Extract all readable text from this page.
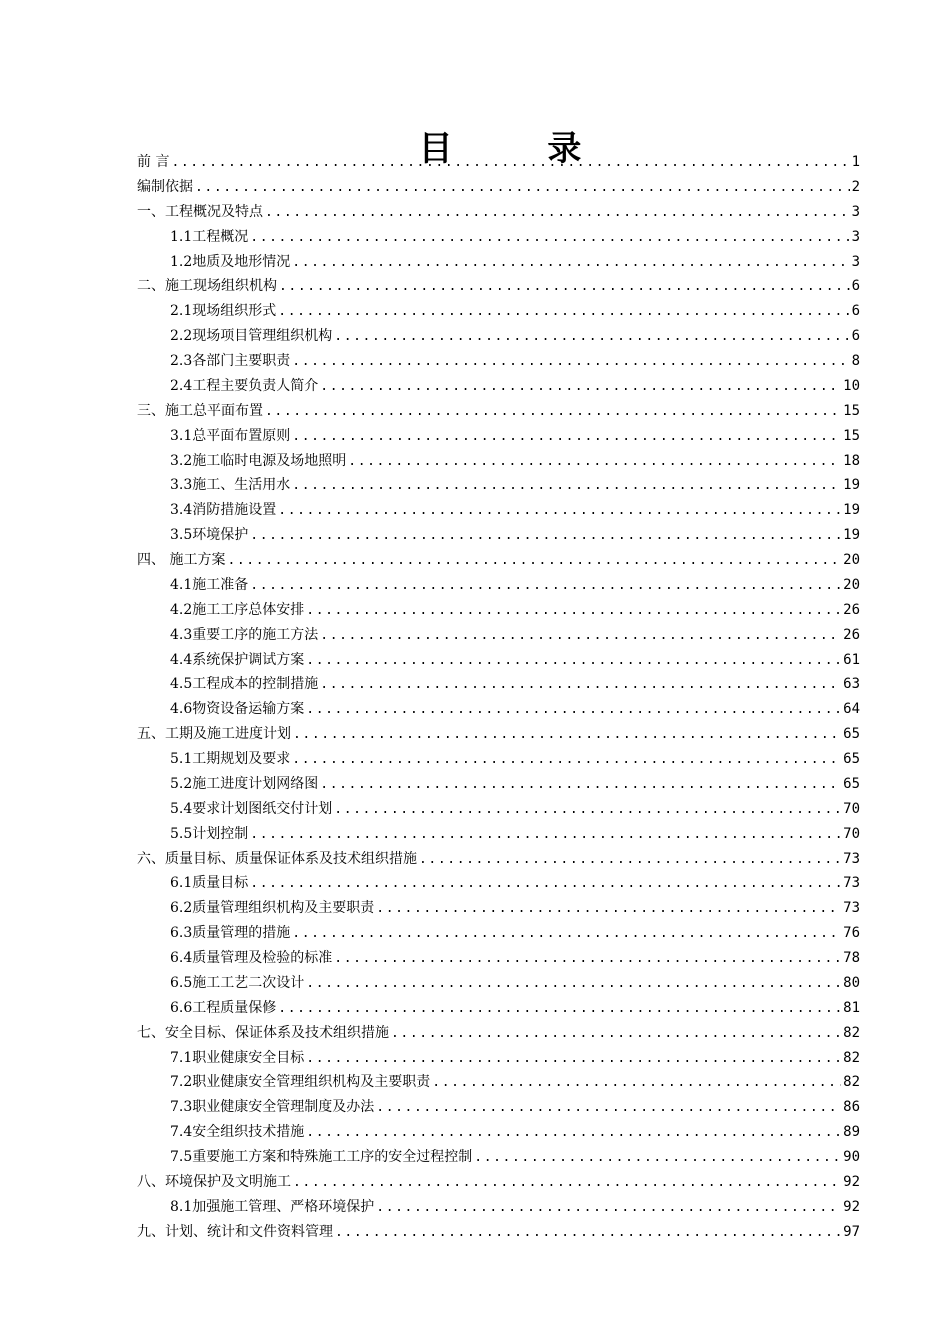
目        录
前 言 .....	1
编制依据 .....	2
一、工程概况及特点 .....	3
1.1工程概况 .....	3
1.2地质及地形情况 .....	3
二、施工现场组织机构 .....	6
2.1现场组织形式 .....	6
2.2现场项目管理组织机构 .....	6
2.3各部门主要职责 .....	8
2.4工程主要负责人简介 .....	10
三、施工总平面布置 .....	15
3.1总平面布置原则 .....	15
3.2施工临时电源及场地照明 .....	18
3.3施工、生活用水 .....	19
3.4消防措施设置 .....	19
3.5环境保护 .....	19
四、 施工方案 .....	20
4.1施工准备 .....	20
4.2施工工序总体安排 .....	26
4.3重要工序的施工方法 .....	26
4.4系统保护调试方案 .....	61
4.5工程成本的控制措施 .....	63
4.6物资设备运输方案 .....	64
五、工期及施工进度计划 .....	65
5.1工期规划及要求 .....	65
5.2施工进度计划网络图 .....	65
5.4要求计划图纸交付计划 .....	70
5.5计划控制 .....	70
六、质量目标、质量保证体系及技术组织措施 .....	73
6.1质量目标 .....	73
6.2质量管理组织机构及主要职责 .....	73
6.3质量管理的措施 .....	76
6.4质量管理及检验的标准 .....	78
6.5施工工艺二次设计 .....	80
6.6工程质量保修 .....	81
七、安全目标、保证体系及技术组织措施 .....	82
7.1职业健康安全目标 .....	82
7.2职业健康安全管理组织机构及主要职责 .....	82
7.3职业健康安全管理制度及办法 .....	86
7.4安全组织技术措施 .....	89
7.5重要施工方案和特殊施工工序的安全过程控制 .....	90
八、环境保护及文明施工 .....	92
8.1加强施工管理、严格环境保护 .....	92
九、计划、统计和文件资料管理 .....	97
